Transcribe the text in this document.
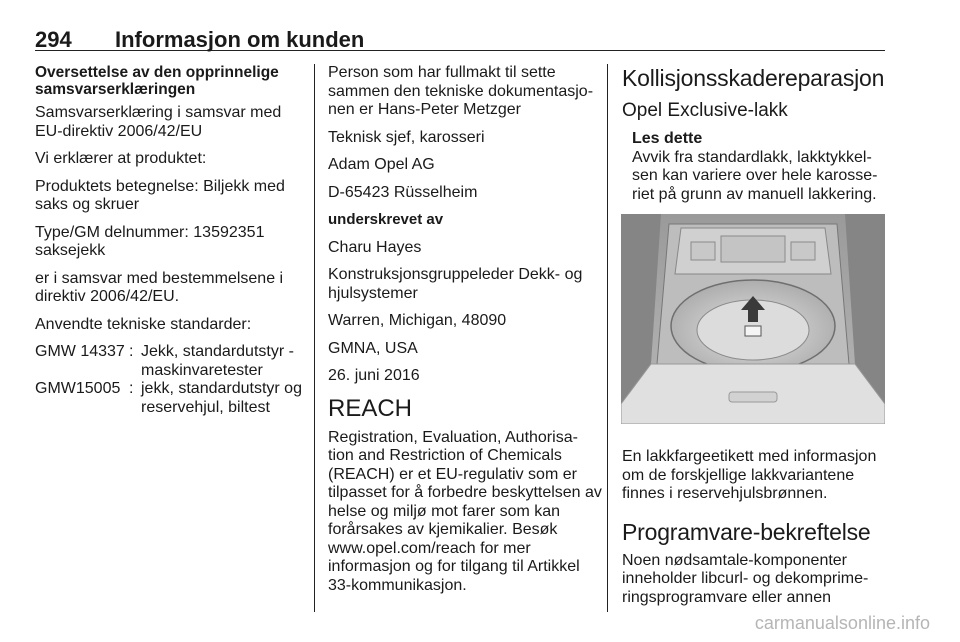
294 Informasjon om kunden
Oversettelse av den opprinnelige samsvarserklæringen

Samsvarserklæring i samsvar med EU-direktiv 2006/42/EU

Vi erklærer at produktet:

Produktets betegnelse: Biljekk med saks og skruer

Type/GM delnummer: 13592351 saksejekk

er i samsvar med bestemmelsene i direktiv 2006/42/EU.

Anvendte tekniske standarder:

GMW 14337	:	Jekk, standardutstyr - maskinvaretester
GMW15005	:	jekk, standardutstyr og reservehjul, biltest

Person som har fullmakt til sette sammen den tekniske dokumentasjo-nen er Hans-Peter Metzger

Teknisk sjef, karosseri

Adam Opel AG

D-65423 Rüsselheim

underskrevet av

Charu Hayes

Konstruksjonsgruppeleder Dekk- og hjulsystemer

Warren, Michigan, 48090

GMNA, USA

26. juni 2016

REACH

Registration, Evaluation, Authorisa-tion and Restriction of Chemicals (REACH) er et EU-regulativ som er tilpasset for å forbedre beskyttelsen av helse og miljø mot farer som kan forårsakes av kjemikalier. Besøk www.opel.com/reach for mer informasjon og for tilgang til Artikkel 33-kommunikasjon.

Kollisjonsskadereparasjon
Opel Exclusive-lakk
Les dette
Avvik fra standardlakk, lakktykkel-sen kan variere over hele karosse-riet på grunn av manuell lakkering.

En lakkfargeetikett med informasjon om de forskjellige lakkvariantene finnes i reservehjulsbrønnen.

Programvare-bekreftelse

Noen nødsamtale-komponenter inneholder libcurl- og dekomprime-ringsprogramvare eller annen

carmanualsonline.info
